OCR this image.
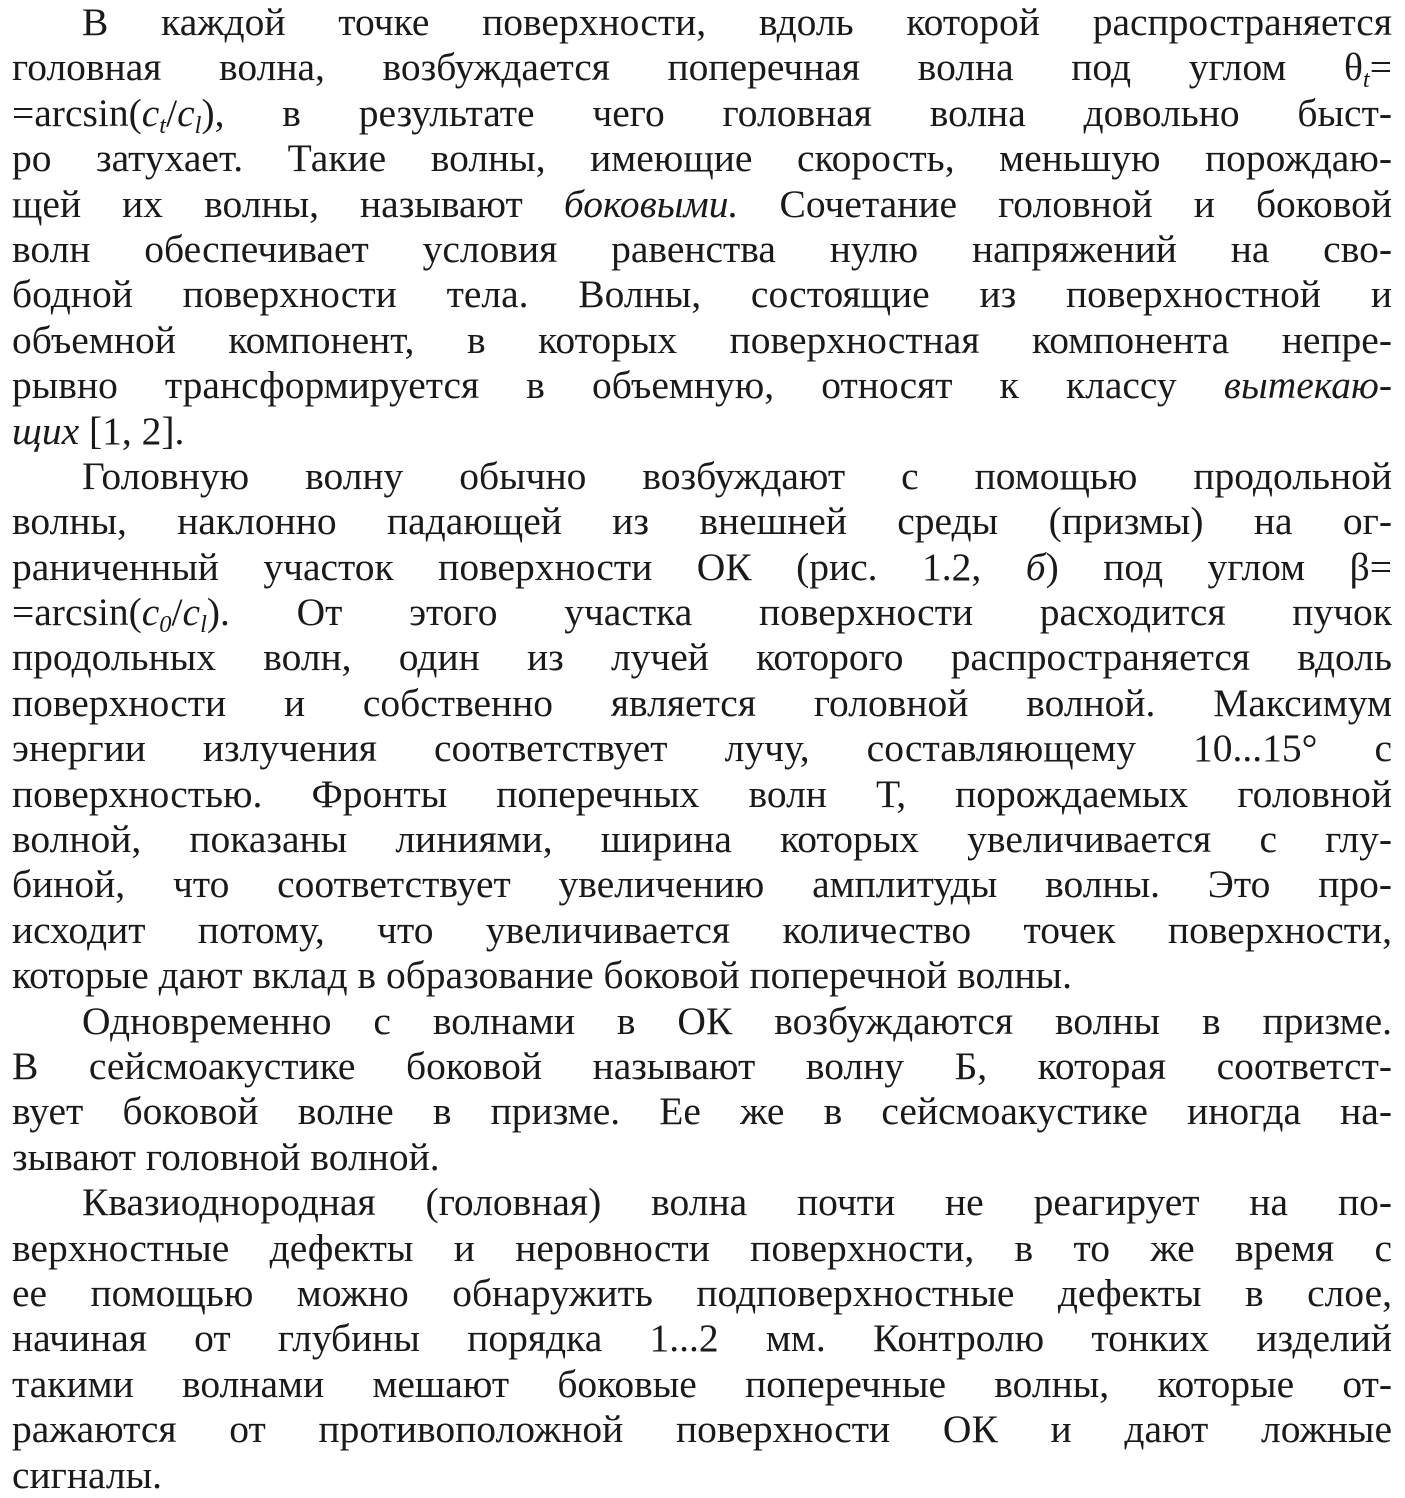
В каждой точке поверхности, вдоль которой распространяется
головная волна, возбуждается поперечная волна под углом $\theta_t=$
$=\arcsin(c_t/c_l)$, в результате чего головная волна довольно быст-
ро затухает. Такие волны, имеющие скорость, меньшую порождаю-
щей их волны, называют боковыми. Сочетание головной и боковой
волн обеспечивает условия равенства нулю напряжений на сво-
бодной поверхности тела. Волны, состоящие из поверхностной и
объемной компонент, в которых поверхностная компонента непре-
рывно трансформируется в объемную, относят к классу вытекаю-
щих [1, 2].
Головную волну обычно возбуждают с помощью продольной
волны, наклонно падающей из внешней среды (призмы) на ог-
раниченный участок поверхности ОК (рис. 1.2, б) под углом β=
$=\arcsin(c_0/c_l)$. От этого участка поверхности расходится пучок
продольных волн, один из лучей которого распространяется вдоль
поверхности и собственно является головной волной. Максимум
энергии излучения соответствует лучу, составляющему 10...15° с
поверхностью. Фронты поперечных волн Т, порождаемых головной
волной, показаны линиями, ширина которых увеличивается с глу-
биной, что соответствует увеличению амплитуды волны. Это про-
исходит потому, что увеличивается количество точек поверхности,
которые дают вклад в образование боковой поперечной волны.
Одновременно с волнами в ОК возбуждаются волны в призме.
В сейсмоакустике боковой называют волну Б, которая соответст-
вует боковой волне в призме. Ее же в сейсмоакустике иногда на-
зывают головной волной.
Квазиоднородная (головная) волна почти не реагирует на по-
верхностные дефекты и неровности поверхности, в то же время с
ее помощью можно обнаружить подповерхностные дефекты в слое,
начиная от глубины порядка 1...2 мм. Контролю тонких изделий
такими волнами мешают боковые поперечные волны, которые от-
ражаются от противоположной поверхности ОК и дают ложные
сигналы.
